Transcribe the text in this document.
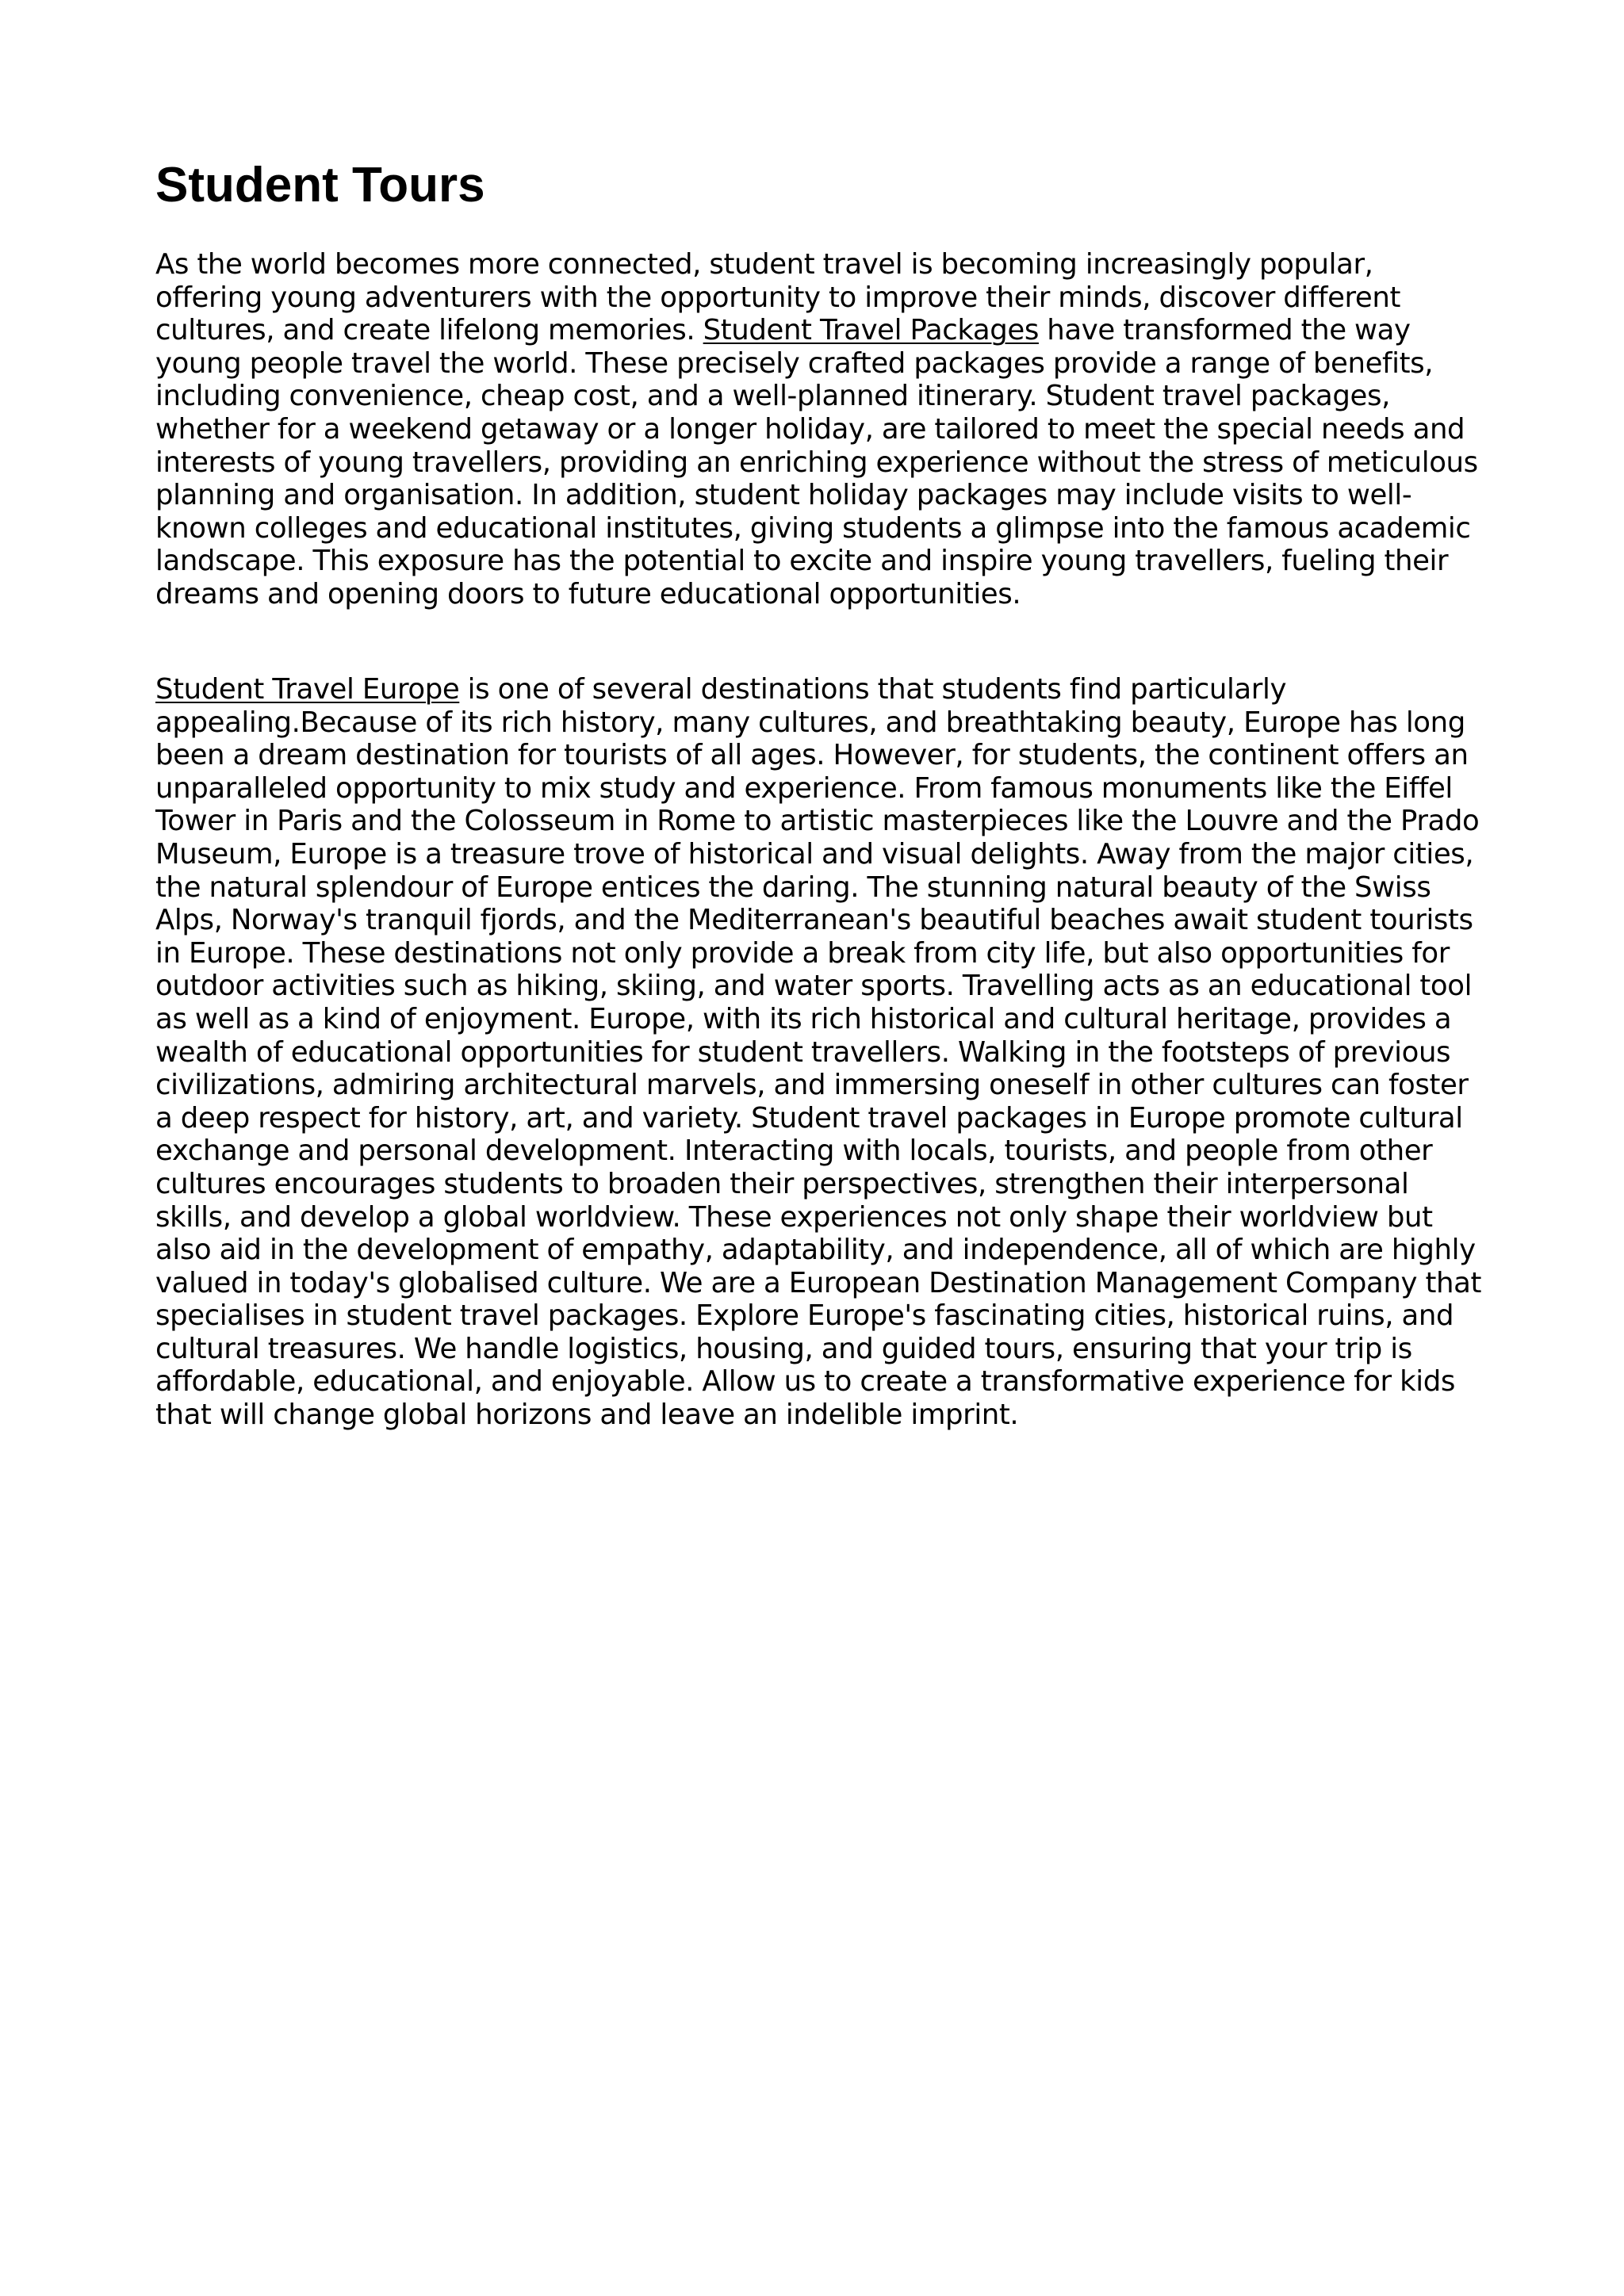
Student Tours

As the world becomes more connected, student travel is becoming increasingly popular, offering young adventurers with the opportunity to improve their minds, discover different cultures, and create lifelong memories. Student Travel Packages have transformed the way young people travel the world. These precisely crafted packages provide a range of benefits, including convenience, cheap cost, and a well-planned itinerary. Student travel packages, whether for a weekend getaway or a longer holiday, are tailored to meet the special needs and interests of young travellers, providing an enriching experience without the stress of meticulous planning and organisation. In addition, student holiday packages may include visits to well-known colleges and educational institutes, giving students a glimpse into the famous academic landscape. This exposure has the potential to excite and inspire young travellers, fueling their dreams and opening doors to future educational opportunities.

Student Travel Europe is one of several destinations that students find particularly appealing.Because of its rich history, many cultures, and breathtaking beauty, Europe has long been a dream destination for tourists of all ages. However, for students, the continent offers an unparalleled opportunity to mix study and experience. From famous monuments like the Eiffel Tower in Paris and the Colosseum in Rome to artistic masterpieces like the Louvre and the Prado Museum, Europe is a treasure trove of historical and visual delights. Away from the major cities, the natural splendour of Europe entices the daring. The stunning natural beauty of the Swiss Alps, Norway's tranquil fjords, and the Mediterranean's beautiful beaches await student tourists in Europe. These destinations not only provide a break from city life, but also opportunities for outdoor activities such as hiking, skiing, and water sports. Travelling acts as an educational tool as well as a kind of enjoyment. Europe, with its rich historical and cultural heritage, provides a wealth of educational opportunities for student travellers. Walking in the footsteps of previous civilizations, admiring architectural marvels, and immersing oneself in other cultures can foster a deep respect for history, art, and variety. Student travel packages in Europe promote cultural exchange and personal development. Interacting with locals, tourists, and people from other cultures encourages students to broaden their perspectives, strengthen their interpersonal skills, and develop a global worldview. These experiences not only shape their worldview but also aid in the development of empathy, adaptability, and independence, all of which are highly valued in today's globalised culture. We are a European Destination Management Company that specialises in student travel packages. Explore Europe's fascinating cities, historical ruins, and cultural treasures. We handle logistics, housing, and guided tours, ensuring that your trip is affordable, educational, and enjoyable. Allow us to create a transformative experience for kids that will change global horizons and leave an indelible imprint.
